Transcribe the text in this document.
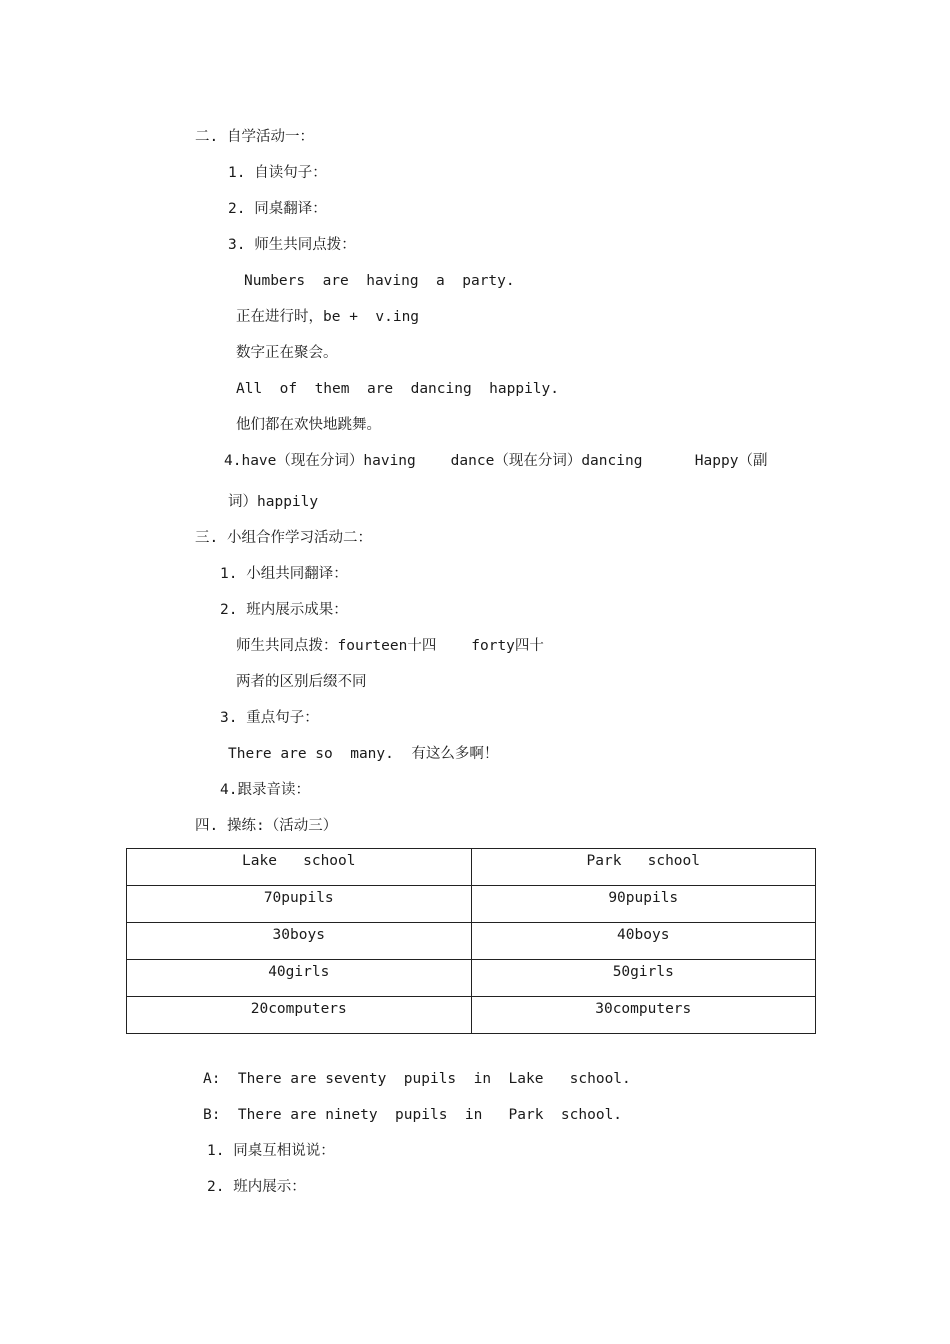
二. 自学活动一：
1. 自读句子：
2. 同桌翻译：
3. 师生共同点拨：
Numbers  are  having  a  party.
正在进行时，be +  v.ing
数字正在聚会。
All  of  them  are  dancing  happily.
他们都在欢快地跳舞。
4.have（现在分词）having    dance（现在分词）dancing      Happy（副
词）happily
三. 小组合作学习活动二：
1. 小组共同翻译：
2. 班内展示成果：
师生共同点拨：fourteen十四    forty四十
两者的区别后缀不同
3. 重点句子：
There are so  many.  有这么多啊！
4.跟录音读：
四. 操练:（活动三）
Lake   school	Park   school
70pupils	90pupils
30boys	40boys
40girls	50girls
20computers	30computers
A:  There are seventy  pupils  in  Lake   school.
B:  There are ninety  pupils  in   Park  school.
1. 同桌互相说说：
2. 班内展示：
